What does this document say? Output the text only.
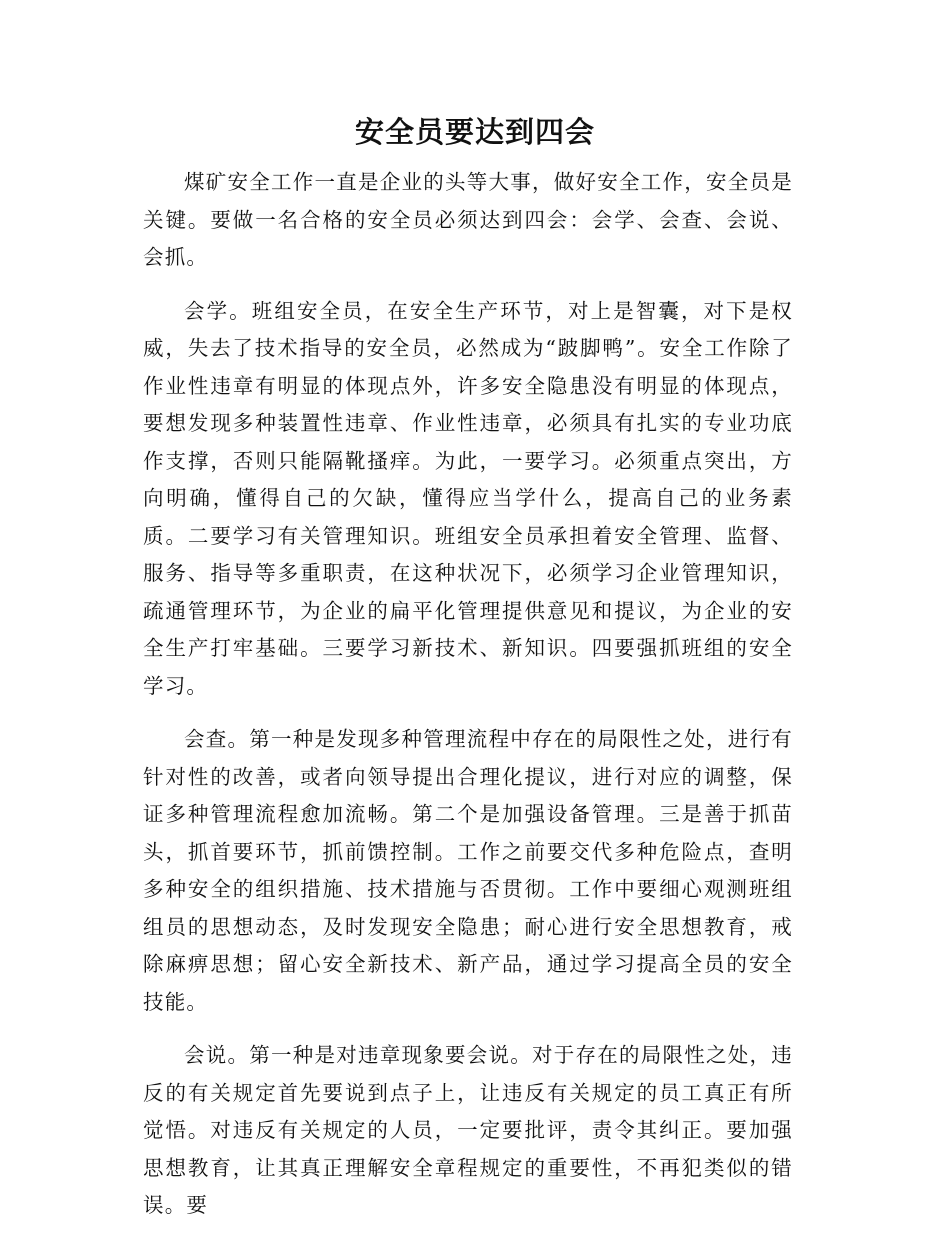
安全员要达到四会

煤矿安全工作一直是企业的头等大事，做好安全工作，安全员是关键。要做一名合格的安全员必须达到四会：会学、会查、会说、会抓。

会学。班组安全员，在安全生产环节，对上是智囊，对下是权威，失去了技术指导的安全员，必然成为“跛脚鸭”。安全工作除了作业性违章有明显的体现点外，许多安全隐患没有明显的体现点，要想发现多种装置性违章、作业性违章，必须具有扎实的专业功底作支撑，否则只能隔靴搔痒。为此，一要学习。必须重点突出，方向明确，懂得自己的欠缺，懂得应当学什么，提高自己的业务素质。二要学习有关管理知识。班组安全员承担着安全管理、监督、服务、指导等多重职责，在这种状况下，必须学习企业管理知识，疏通管理环节，为企业的扁平化管理提供意见和提议，为企业的安全生产打牢基础。三要学习新技术、新知识。四要强抓班组的安全学习。

会查。第一种是发现多种管理流程中存在的局限性之处，进行有针对性的改善，或者向领导提出合理化提议，进行对应的调整，保证多种管理流程愈加流畅。第二个是加强设备管理。三是善于抓苗头，抓首要环节，抓前馈控制。工作之前要交代多种危险点，查明多种安全的组织措施、技术措施与否贯彻。工作中要细心观测班组组员的思想动态，及时发现安全隐患；耐心进行安全思想教育，戒除麻痹思想；留心安全新技术、新产品，通过学习提高全员的安全技能。

会说。第一种是对违章现象要会说。对于存在的局限性之处，违反的有关规定首先要说到点子上，让违反有关规定的员工真正有所觉悟。对违反有关规定的人员，一定要批评，责令其纠正。要加强思想教育，让其真正理解安全章程规定的重要性，不再犯类似的错误。要
